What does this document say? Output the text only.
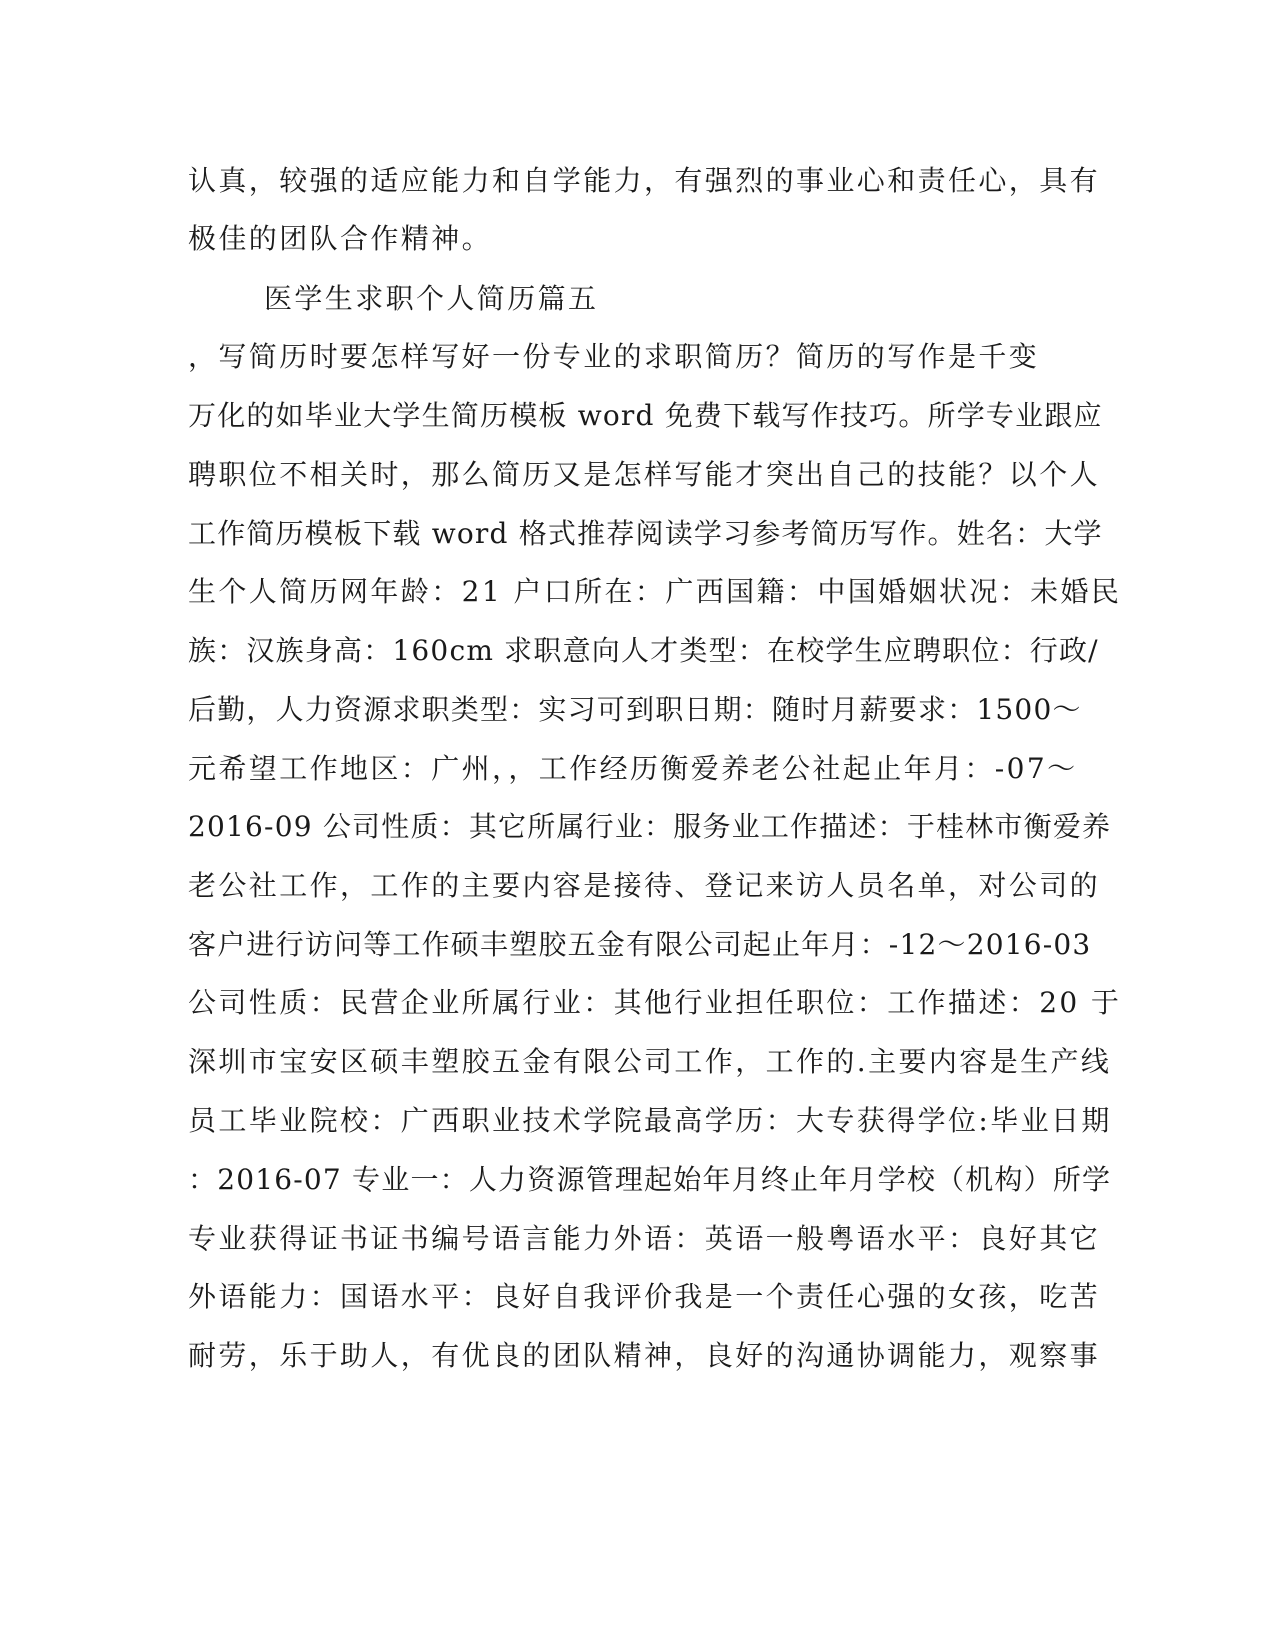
认真，较强的适应能力和自学能力，有强烈的事业心和责任心，具有
极佳的团队合作精神。
医学生求职个人简历篇五
，写简历时要怎样写好一份专业的求职简历？简历的写作是千变
万化的如毕业大学生简历模板 word 免费下载写作技巧。所学专业跟应
聘职位不相关时，那么简历又是怎样写能才突出自己的技能？以个人
工作简历模板下载 word 格式推荐阅读学习参考简历写作。姓名：大学
生个人简历网年龄：21 户口所在：广西国籍：中国婚姻状况：未婚民
族：汉族身高：160cm 求职意向人才类型：在校学生应聘职位：行政/
后勤，人力资源求职类型：实习可到职日期：随时月薪要求：1500～
元希望工作地区：广州，，工作经历衡爱养老公社起止年月：-07～
2016-09 公司性质：其它所属行业：服务业工作描述：于桂林市衡爱养
老公社工作，工作的主要内容是接待、登记来访人员名单，对公司的
客户进行访问等工作硕丰塑胶五金有限公司起止年月：-12～2016-03
公司性质：民营企业所属行业：其他行业担任职位：工作描述：20 于
深圳市宝安区硕丰塑胶五金有限公司工作，工作的.主要内容是生产线
员工毕业院校：广西职业技术学院最高学历：大专获得学位:毕业日期
：2016-07 专业一：人力资源管理起始年月终止年月学校（机构）所学
专业获得证书证书编号语言能力外语：英语一般粤语水平：良好其它
外语能力：国语水平：良好自我评价我是一个责任心强的女孩，吃苦
耐劳，乐于助人，有优良的团队精神，良好的沟通协调能力，观察事
